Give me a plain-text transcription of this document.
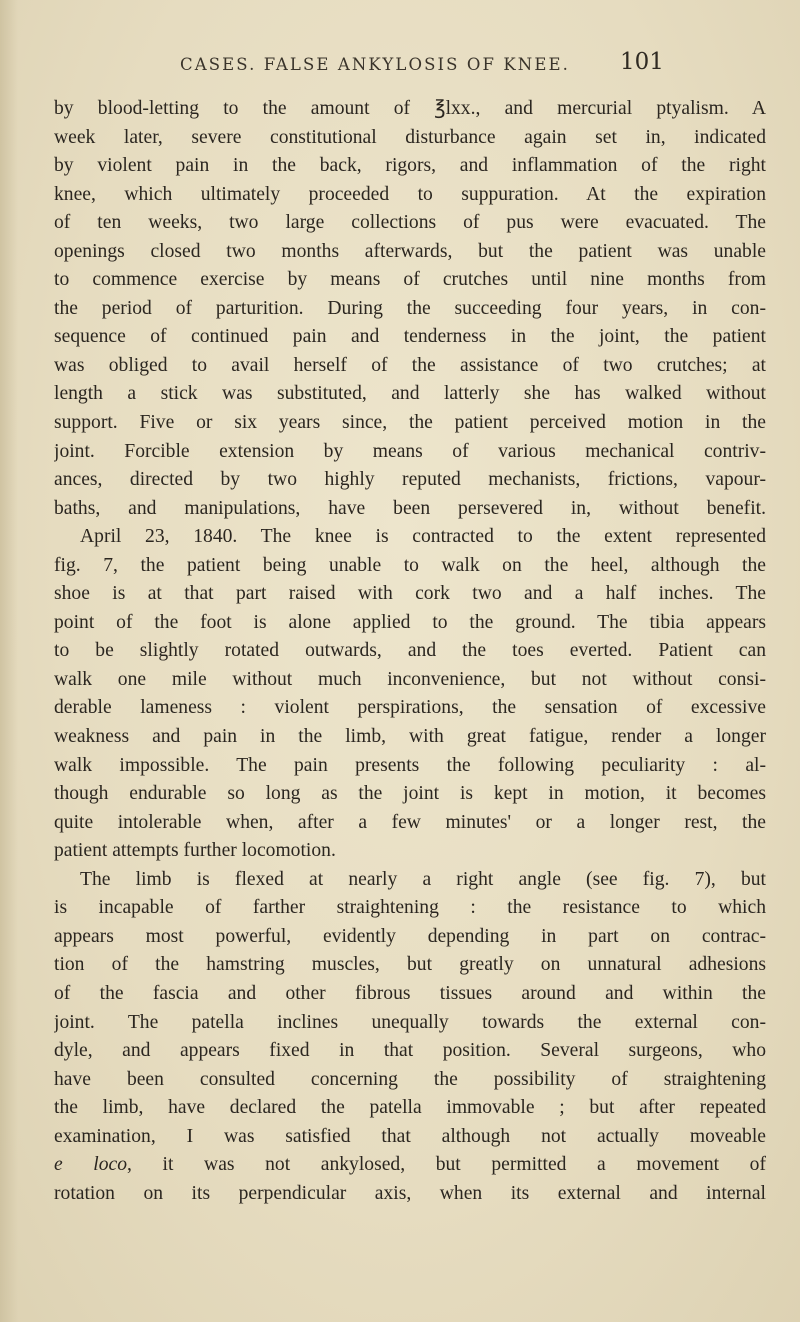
CASES. FALSE ANKYLOSIS OF KNEE. 101
by blood-letting to the amount of ℥lxx., and mercurial ptyalism. A
week later, severe constitutional disturbance again set in, indicated
by violent pain in the back, rigors, and inflammation of the right
knee, which ultimately proceeded to suppuration. At the expiration
of ten weeks, two large collections of pus were evacuated. The
openings closed two months afterwards, but the patient was unable
to commence exercise by means of crutches until nine months from
the period of parturition. During the succeeding four years, in con-
sequence of continued pain and tenderness in the joint, the patient
was obliged to avail herself of the assistance of two crutches; at
length a stick was substituted, and latterly she has walked without
support. Five or six years since, the patient perceived motion in the
joint. Forcible extension by means of various mechanical contriv-
ances, directed by two highly reputed mechanists, frictions, vapour-
baths, and manipulations, have been persevered in, without benefit.
April 23, 1840. The knee is contracted to the extent represented
fig. 7, the patient being unable to walk on the heel, although the
shoe is at that part raised with cork two and a half inches. The
point of the foot is alone applied to the ground. The tibia appears
to be slightly rotated outwards, and the toes everted. Patient can
walk one mile without much inconvenience, but not without consi-
derable lameness : violent perspirations, the sensation of excessive
weakness and pain in the limb, with great fatigue, render a longer
walk impossible. The pain presents the following peculiarity : al-
though endurable so long as the joint is kept in motion, it becomes
quite intolerable when, after a few minutes' or a longer rest, the
patient attempts further locomotion.
The limb is flexed at nearly a right angle (see fig. 7), but
is incapable of farther straightening : the resistance to which
appears most powerful, evidently depending in part on contrac-
tion of the hamstring muscles, but greatly on unnatural adhesions
of the fascia and other fibrous tissues around and within the
joint. The patella inclines unequally towards the external con-
dyle, and appears fixed in that position. Several surgeons, who
have been consulted concerning the possibility of straightening
the limb, have declared the patella immovable ; but after repeated
examination, I was satisfied that although not actually moveable
e loco, it was not ankylosed, but permitted a movement of
rotation on its perpendicular axis, when its external and internal
